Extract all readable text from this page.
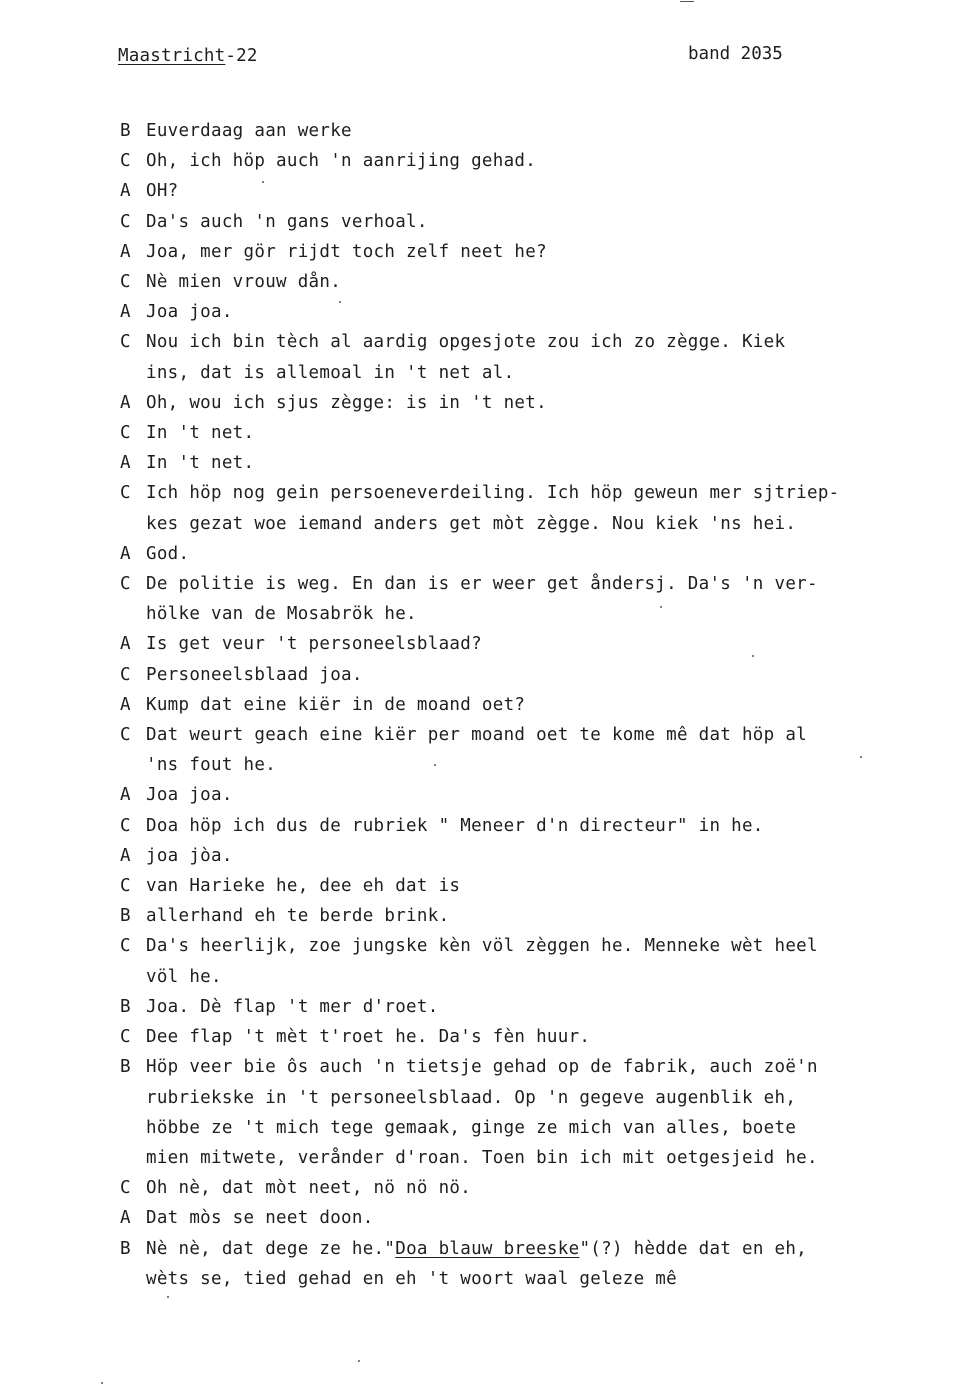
Maastricht-22	band 2035
B Euverdaag aan werke
C Oh, ich höp auch 'n aanrijing gehad.
A OH?
C Da's auch 'n gans verhoal.
A Joa, mer gör rijdt toch zelf neet he?
C Nè mien vrouw dån.
A Joa joa.
C Nou ich bin tèch al aardig opgesjote zou ich zo zègge. Kiek
ins, dat is allemoal in 't net al.
A Oh, wou ich sjus zègge: is in 't net.
C In 't net.
A In 't net.
C Ich höp nog gein persoeneverdeiling. Ich höp geweun mer sjtriep-
kes gezat woe iemand anders get mòt zègge. Nou kiek 'ns hei.
A God.
C De politie is weg. En dan is er weer get åndersj. Da's 'n ver-
hölke van de Mosabrök he.
A Is get veur 't personeelsblaad?
C Personeelsblaad joa.
A Kump dat eine kiër in de moand oet?
C Dat weurt geach eine kiër per moand oet te kome mê dat höp al
'ns fout he.
A Joa joa.
C Doa höp ich dus de rubriek " Meneer d'n directeur" in he.
A joa jòa.
C van Harieke he, dee eh dat is
B allerhand eh te berde brink.
C Da's heerlijk, zoe jungske kèn völ zèggen he. Menneke wèt heel
völ he.
B Joa. Dè flap 't mer d'roet.
C Dee flap 't mèt t'roet he. Da's fèn huur.
B Höp veer bie ôs auch 'n tietsje gehad op de fabrik, auch zoë'n
rubriekske in 't personeelsblaad. Op 'n gegeve augenblik eh,
höbbe ze 't mich tege gemaak, ginge ze mich van alles, boete
mien mitwete, verånder d'roan. Toen bin ich mit oetgesjeid he.
C Oh nè, dat mòt neet, nö nö nö.
A Dat mòs se neet doon.
B Nè nè, dat dege ze he."Doa blauw breeske"(?) hèdde dat en eh,
wèts se, tied gehad en eh 't woort waal geleze mê
